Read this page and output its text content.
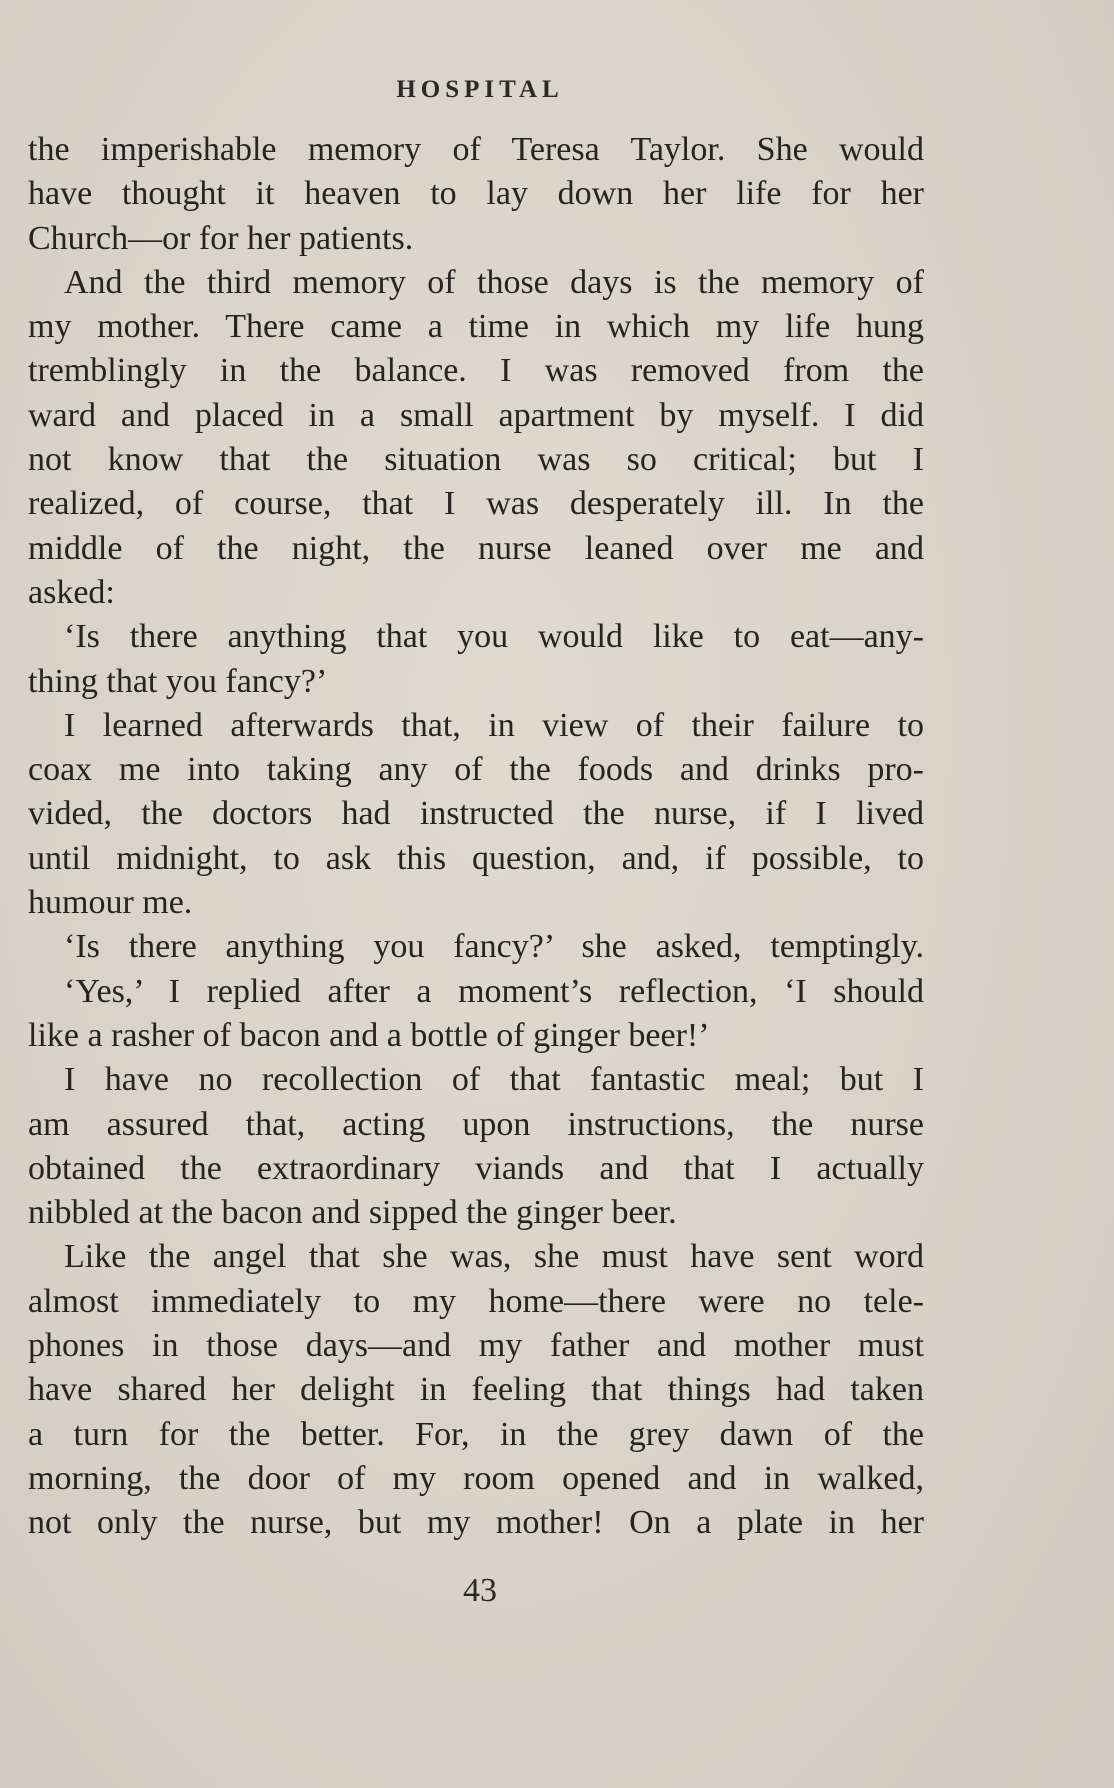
HOSPITAL
the imperishable memory of Teresa Taylor. She would
have thought it heaven to lay down her life for her
Church—or for her patients.
And the third memory of those days is the memory of
my mother. There came a time in which my life hung
tremblingly in the balance. I was removed from the
ward and placed in a small apartment by myself. I did
not know that the situation was so critical; but I
realized, of course, that I was desperately ill. In the
middle of the night, the nurse leaned over me and
asked:
‘Is there anything that you would like to eat—any-
thing that you fancy?’
I learned afterwards that, in view of their failure to
coax me into taking any of the foods and drinks pro-
vided, the doctors had instructed the nurse, if I lived
until midnight, to ask this question, and, if possible, to
humour me.
‘Is there anything you fancy?’ she asked, temptingly.
‘Yes,’ I replied after a moment’s reflection, ‘I should
like a rasher of bacon and a bottle of ginger beer!’
I have no recollection of that fantastic meal; but I
am assured that, acting upon instructions, the nurse
obtained the extraordinary viands and that I actually
nibbled at the bacon and sipped the ginger beer.
Like the angel that she was, she must have sent word
almost immediately to my home—there were no tele-
phones in those days—and my father and mother must
have shared her delight in feeling that things had taken
a turn for the better. For, in the grey dawn of the
morning, the door of my room opened and in walked,
not only the nurse, but my mother! On a plate in her
43
